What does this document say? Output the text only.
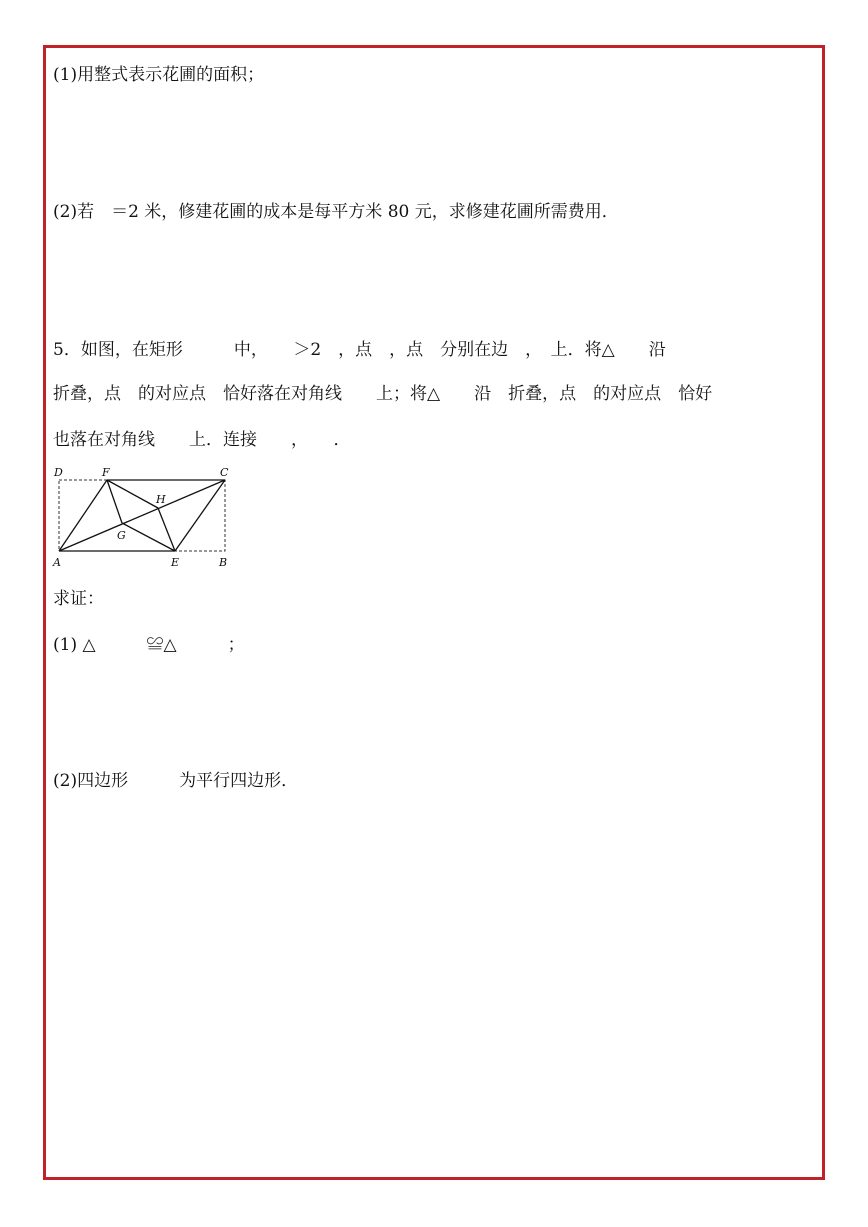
(1)用整式表示花圃的面积；
(2)若　＝2 米，修建花圃的成本是每平方米 80 元，求修建花圃所需费用．
5．如图，在矩形　　　中，　　＞2　，点　，点　分别在边　，　上．将△　　沿
折叠，点　的对应点　恰好落在对角线　　上；将△　　沿　折叠，点　的对应点　恰好
也落在对角线　　上．连接　　，　　．
D	F	C
H
G
A	E	B
求证：
(1) △　　　≌△　　　；
(2)四边形　　　为平行四边形．
